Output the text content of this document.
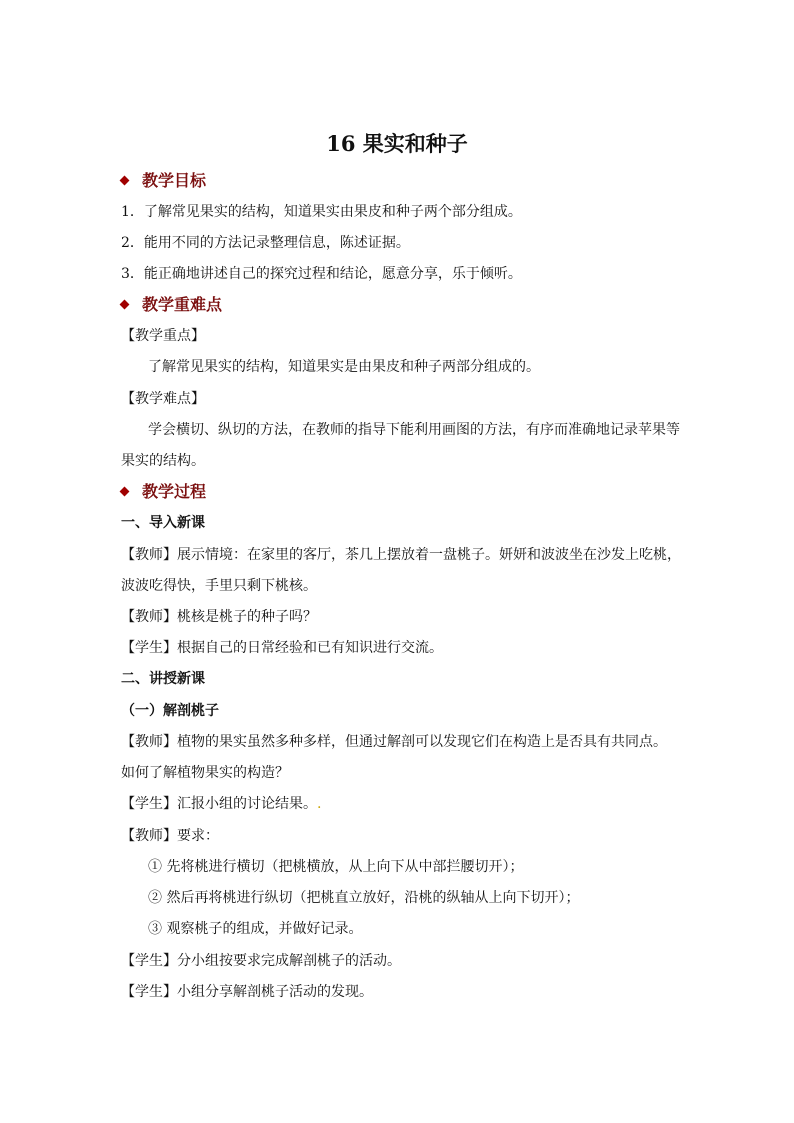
16 果实和种子
教学目标
1．了解常见果实的结构，知道果实由果皮和种子两个部分组成。
2．能用不同的方法记录整理信息，陈述证据。
3．能正确地讲述自己的探究过程和结论，愿意分享，乐于倾听。
教学重难点
【教学重点】
了解常见果实的结构，知道果实是由果皮和种子两部分组成的。
【教学难点】
学会横切、纵切的方法，在教师的指导下能利用画图的方法，有序而准确地记录苹果等
果实的结构。
教学过程
一、导入新课
【教师】展示情境：在家里的客厅，茶几上摆放着一盘桃子。妍妍和波波坐在沙发上吃桃，
波波吃得快，手里只剩下桃核。
【教师】桃核是桃子的种子吗？
【学生】根据自己的日常经验和已有知识进行交流。
二、讲授新课
（一）解剖桃子
【教师】植物的果实虽然多种多样，但通过解剖可以发现它们在构造上是否具有共同点。
如何了解植物果实的构造？
【学生】汇报小组的讨论结果。.
【教师】要求：
① 先将桃进行横切（把桃横放，从上向下从中部拦腰切开）；
② 然后再将桃进行纵切（把桃直立放好，沿桃的纵轴从上向下切开）；
③ 观察桃子的组成，并做好记录。
【学生】分小组按要求完成解剖桃子的活动。
【学生】小组分享解剖桃子活动的发现。
